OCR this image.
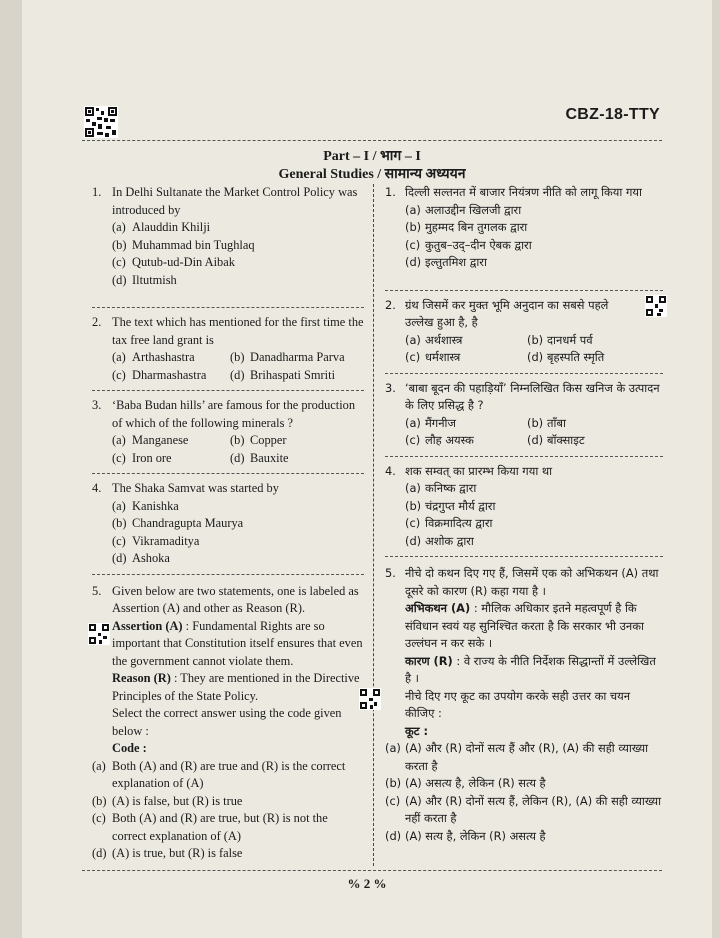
CBZ-18-TTY
Part – I / भाग – I
General Studies / सामान्य अध्ययन
1. In Delhi Sultanate the Market Control Policy was introduced by
(a) Alauddin Khilji
(b) Muhammad bin Tughlaq
(c) Qutub-ud-Din Aibak
(d) Iltutmish
2. The text which has mentioned for the first time the tax free land grant is
(a) Arthashastra	(b) Danadharma Parva
(c) Dharmashastra (d) Brihaspati Smriti
3. ‘Baba Budan hills’ are famous for the production of which of the following minerals ?
(a) Manganese	(b) Copper
(c) Iron ore	(d) Bauxite
4. The Shaka Samvat was started by
(a) Kanishka
(b) Chandragupta Maurya
(c) Vikramaditya
(d) Ashoka
5. Given below are two statements, one is labeled as Assertion (A) and other as Reason (R).
Assertion (A) : Fundamental Rights are so important that Constitution itself ensures that even the government cannot violate them.
Reason (R) : They are mentioned in the Directive Principles of the State Policy.
Select the correct answer using the code given below :
Code :
(a) Both (A) and (R) are true and (R) is the correct explanation of (A)
(b) (A) is false, but (R) is true
(c) Both (A) and (R) are true, but (R) is not the correct explanation of (A)
(d) (A) is true, but (R) is false
1. दिल्ली सल्तनत में बाजार नियंत्रण नीति को लागू किया गया
(a) अलाउद्दीन खिलजी द्वारा
(b) मुहम्मद बिन तुगलक द्वारा
(c) कुतुब–उद्–दीन ऐबक द्वारा
(d) इल्तुतमिश द्वारा
2. ग्रंथ जिसमें कर मुक्त भूमि अनुदान का सबसे पहले उल्लेख हुआ है, है
(a) अर्थशास्त्र	(b) दानधर्म पर्व
(c) धर्मशास्त्र	(d) बृहस्पति स्मृति
3. ‘बाबा बूदन की पहाड़ियाँ’ निम्नलिखित किस खनिज के उत्पादन के लिए प्रसिद्ध है ?
(a) मैंगनीज	(b) ताँबा
(c) लौह अयस्क	(d) बॉक्साइट
4. शक सम्वत् का प्रारम्भ किया गया था
(a) कनिष्क द्वारा
(b) चंद्रगुप्त मौर्य द्वारा
(c) विक्रमादित्य द्वारा
(d) अशोक द्वारा
5. नीचे दो कथन दिए गए हैं, जिसमें एक को अभिकथन (A) तथा दूसरे को कारण (R) कहा गया है ।
अभिकथन (A) : मौलिक अधिकार इतने महत्वपूर्ण है कि संविधान स्वयं यह सुनिश्चित करता है कि सरकार भी उनका उल्लंघन न कर सके ।
कारण (R) : वे राज्य के नीति निर्देशक सिद्धान्तों में उल्लेखित है ।
नीचे दिए गए कूट का उपयोग करके सही उत्तर का चयन कीजिए :
कूट :
(a) (A) और (R) दोनों सत्य हैं और (R), (A) की सही व्याख्या करता है
(b) (A) असत्य है, लेकिन (R) सत्य है
(c) (A) और (R) दोनों सत्य हैं, लेकिन (R), (A) की सही व्याख्या नहीं करता है
(d) (A) सत्य है, लेकिन (R) असत्य है
% 2 %
